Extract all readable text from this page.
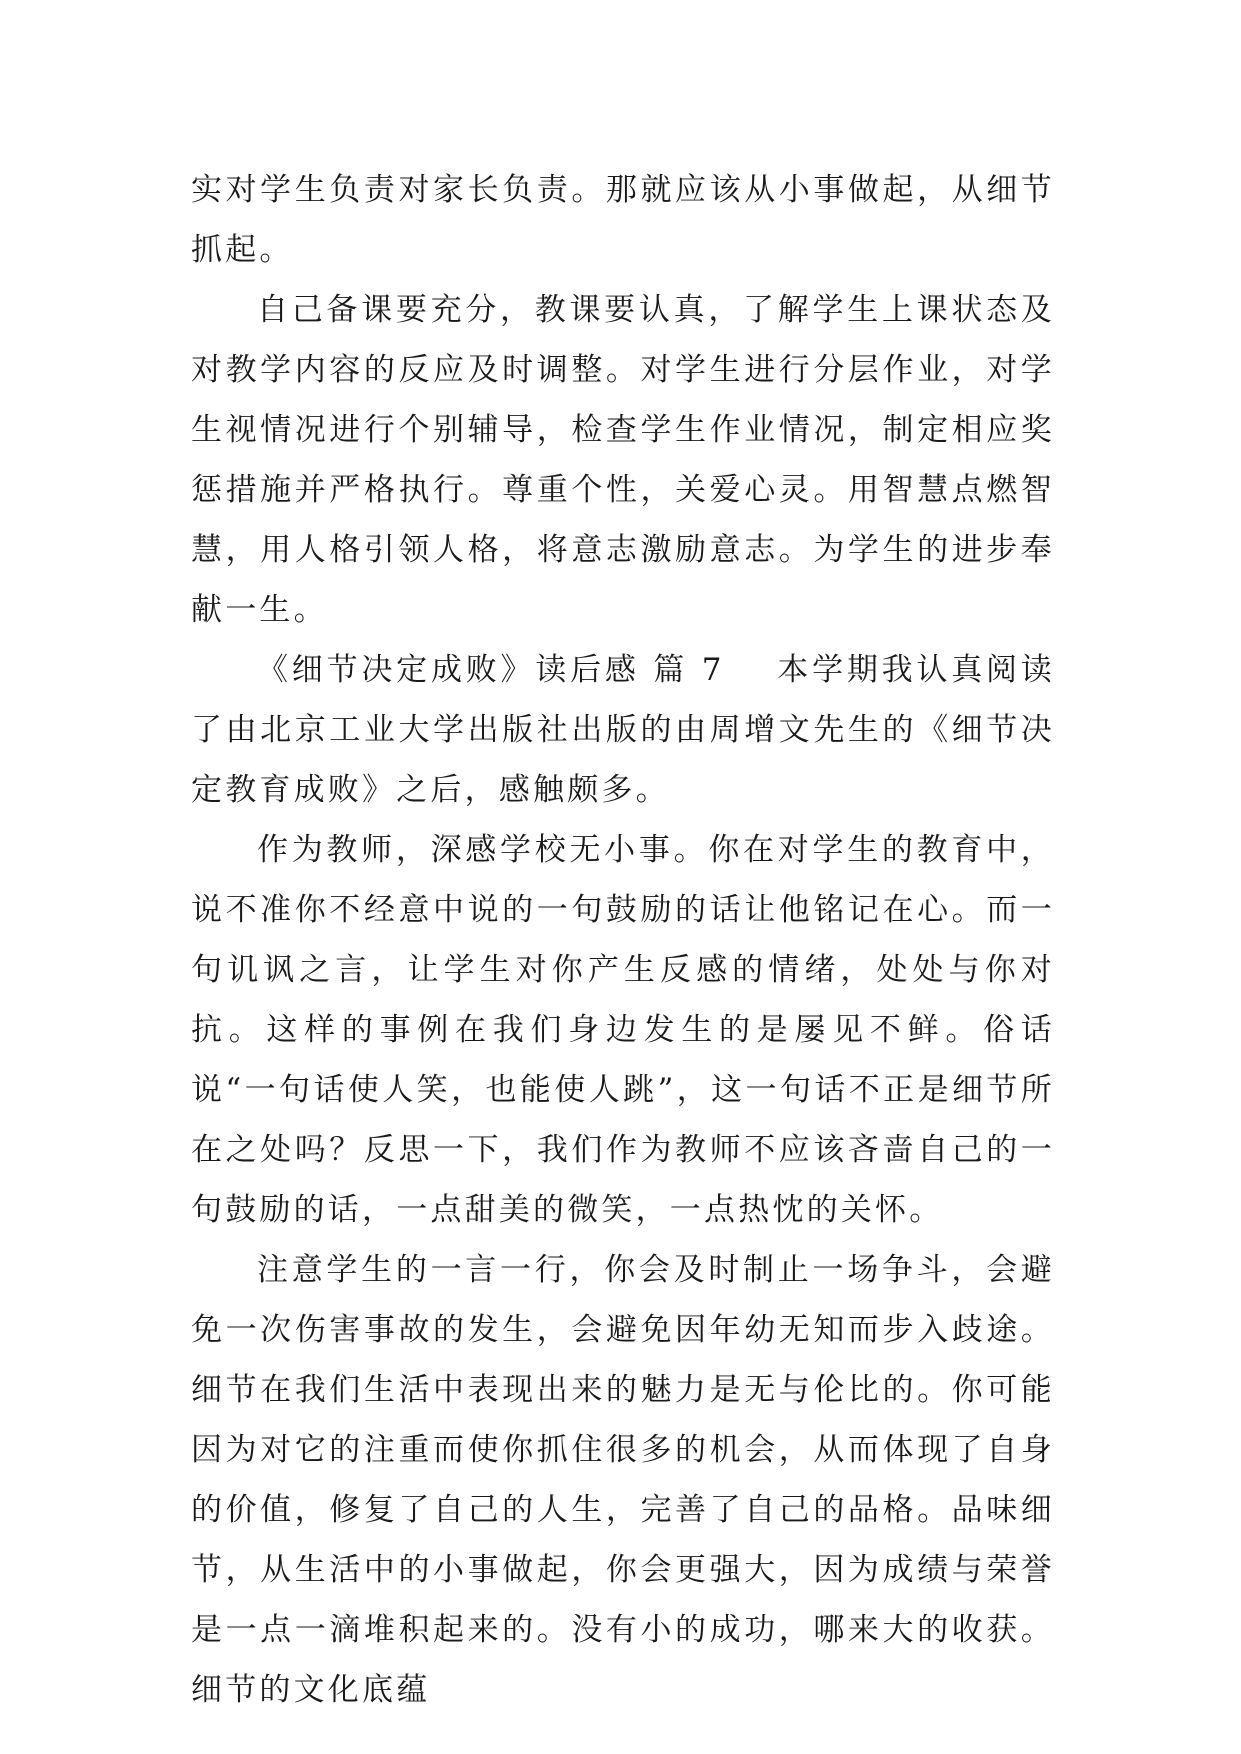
实对学生负责对家长负责。那就应该从小事做起，从细节抓起。

自己备课要充分，教课要认真，了解学生上课状态及对教学内容的反应及时调整。对学生进行分层作业，对学生视情况进行个别辅导，检查学生作业情况，制定相应奖惩措施并严格执行。尊重个性，关爱心灵。用智慧点燃智慧，用人格引领人格，将意志激励意志。为学生的进步奉献一生。

《细节决定成败》读后感 篇 7 本学期我认真阅读了由北京工业大学出版社出版的由周增文先生的《细节决定教育成败》之后，感触颇多。

作为教师，深感学校无小事。你在对学生的教育中，说不准你不经意中说的一句鼓励的话让他铭记在心。而一句讥讽之言，让学生对你产生反感的情绪，处处与你对抗。这样的事例在我们身边发生的是屡见不鲜。俗话说“一句话使人笑，也能使人跳”，这一句话不正是细节所在之处吗？反思一下，我们作为教师不应该吝啬自己的一句鼓励的话，一点甜美的微笑，一点热忱的关怀。

注意学生的一言一行，你会及时制止一场争斗，会避免一次伤害事故的发生，会避免因年幼无知而步入歧途。细节在我们生活中表现出来的魅力是无与伦比的。你可能因为对它的注重而使你抓住很多的机会，从而体现了自身的价值，修复了自己的人生，完善了自己的品格。品味细节，从生活中的小事做起，你会更强大，因为成绩与荣誉是一点一滴堆积起来的。没有小的成功，哪来大的收获。细节的文化底蕴
